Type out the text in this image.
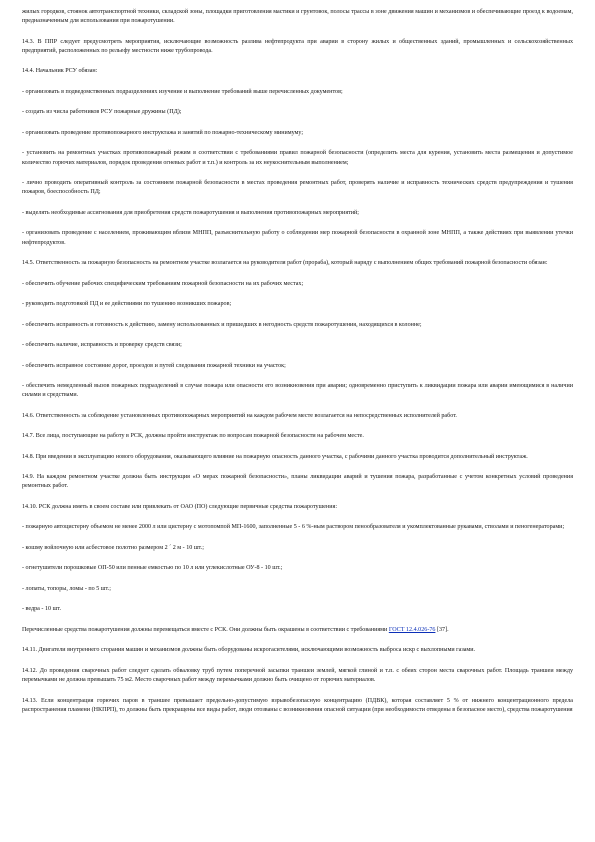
жилых городков, стоянок автотранспортной техники, складской зоны, площадки приготовления мастики и грунтовок, полосы трассы в зоне движения машин и механизмов и обеспечивающие проезд к водоемам, предназначенным для использования при пожаротушении.

14.3. В ППР следует предусмотреть мероприятия, исключающие возможность разлива нефтепродукта при аварии в сторону жилых и общественных зданий, промышленных и сельскохозяйственных предприятий, расположенных по рельефу местности ниже трубопровода.

14.4. Начальник РСУ обязан:

- организовать в подведомственных подразделениях изучение и выполнение требований выше перечисленных документов;

- создать из числа работников РСУ пожарные дружины (ПД);

- организовать проведение противопожарного инструктажа и занятий по пожарно-техническому минимуму;

- установить на ремонтных участках противопожарный режим в соответствии с требованиями правил пожарной безопасности (определить места для курения, установить места размещения и допустимое количество горючих материалов, порядок проведения огневых работ и т.п.) и контроль за их неукоснительным выполнением;

- лично проводить оперативный контроль за состоянием пожарной безопасности в местах проведения ремонтных работ, проверять наличие и исправность технических средств предупреждения и тушения пожаров, боеспособность ПД;

- выделять необходимые ассигнования для приобретения средств пожаротушения и выполнения противопожарных мероприятий;

- организовать проведение с населением, проживающим вблизи МНПП, разъяснительную работу о соблюдении мер пожарной безопасности в охранной зоне МНПП, а также действиях при выявлении утечки нефтепродуктов.

14.5. Ответственность за пожарную безопасность на ремонтном участке возлагается на руководителя работ (прораба), который наряду с выполнением общих требований пожарной безопасности обязан:

- обеспечить обучение рабочих специфическим требованиям пожарной безопасности на их рабочих местах;

- руководить подготовкой ПД и ее действиями по тушению возникших пожаров;

- обеспечить исправность и готовность к действию, замену использованных и пришедших в негодность средств пожаротушения, находящихся в колонне;

- обеспечить наличие, исправность и проверку средств связи;

- обеспечить исправное состояние дорог, проездов и путей следования пожарной техники на участок;

- обеспечить немедленный вызов пожарных подразделений в случае пожара или опасности его возникновения при аварии; одновременно приступить к ликвидации пожара или аварии имеющимися в наличии силами и средствами.

14.6. Ответственность за соблюдение установленных противопожарных мероприятий на каждом рабочем месте возлагается на непосредственных исполнителей работ.

14.7. Все лица, поступающие на работу в РСК, должны пройти инструктаж по вопросам пожарной безопасности на рабочем месте.

14.8. При введении в эксплуатацию нового оборудования, оказывающего влияние на пожарную опасность данного участка, с рабочими данного участка проводится дополнительный инструктаж.

14.9. На каждом ремонтном участке должна быть инструкция «О мерах пожарной безопасности», планы ликвидации аварий и тушения пожара, разработанные с учетом конкретных условий проведения ремонтных работ.

14.10. РСК должна иметь в своем составе или привлекать от ОАО (ПО) следующие первичные средства пожаротушения:

- пожарную автоцистерну объемом не менее 2000 л или цистерну с мотопомпой МП-1600, заполненные 5 - 6 %-ным раствором пенообразователя и укомплектованные рукавами, стволами и пеногенераторами;

- кошму войлочную или асбестовое полотно размером 2 ´ 2 м - 10 шт.;

- огнетушители порошковые ОП-50 или пенные емкостью по 10 л или углекислотные ОУ-8 - 10 шт.;

- лопаты, топоры, ломы - по 5 шт.;

- ведра - 10 шт.

Перечисленные средства пожаротушения должны перемещаться вместе с РСК. Они должны быть окрашены в соответствии с требованиями ГОСТ 12.4.026-76 [37].

14.11. Двигатели внутреннего сгорания машин и механизмов должны быть оборудованы искрогасителями, исключающими возможность выброса искр с выхлопными газами.

14.12. До проведения сварочных работ следует сделать обваловку труб путем поперечной засыпки траншеи землей, мягкой глиной и т.п. с обеих сторон места сварочных работ. Площадь траншеи между перемычками не должна превышать 75 м2. Место сварочных работ между перемычками должно быть очищено от горючих материалов.

14.13. Если концентрация горючих паров в траншее превышает предельно-допустимую взрывобезопасную концентрацию (ПДВК), которая составляет 5 % от нижнего концентрационного предела распространения пламени (НКПРП), то должны быть прекращены все виды работ, люди отозваны с возникновения опасной ситуации (при необходимости отведены в безопасное место), средства пожаротушения
